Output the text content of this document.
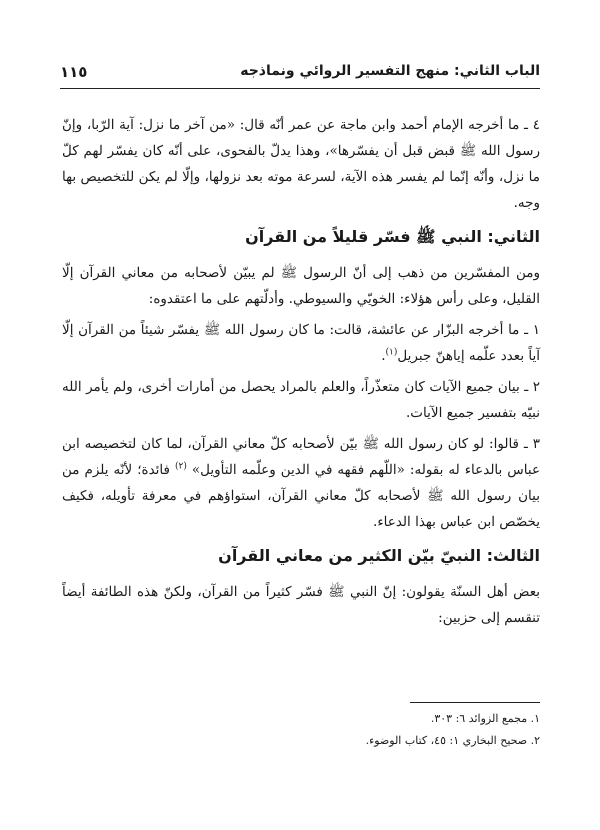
الباب الثاني: منهج التفسير الروائي ونماذجه
١١٥

٤ ـ ما أخرجه الإمام أحمد وابن ماجة عن عمر أنّه قال: «من آخر ما نزل: آية الرّبا، وإنّ رسول الله ﷺ قبض قبل أن يفسّرها»، وهذا يدلّ بالفحوى، على أنّه كان يفسّر لهم كلّ ما نزل، وأنّه إنّما لم يفسر هذه الآية، لسرعة موته بعد نزولها، وإلّا لم يكن للتخصيص بها وجه.

الثاني: النبي ﷺ فسّر قليلاً من القرآن

ومن المفسّرين من ذهب إلى أنّ الرسول ﷺ لم يبيّن لأصحابه من معاني القرآن إلّا القليل، وعلى رأس هؤلاء: الخويّي والسيوطي. وأدلّتهم على ما اعتقدوه:

١ ـ ما أخرجه البزّار عن عائشة، قالت: ما كان رسول الله ﷺ يفسّر شيئاً من القرآن إلّا آياً بعدد علّمه إياهنّ جبريل$^{(١)}$.

٢ ـ بيان جميع الآيات كان متعذّراً، والعلم بالمراد يحصل من أمارات أخرى، ولم يأمر الله نبيّه بتفسير جميع الآيات.

٣ ـ قالوا: لو كان رسول الله ﷺ بيّن لأصحابه كلّ معاني القرآن، لما كان لتخصيصه ابن عباس بالدعاء له بقوله: «اللّهم فقهه في الدين وعلّمه التأويل» $^{(٢)}$ فائدة؛ لأنّه يلزم من بيان رسول الله ﷺ لأصحابه كلّ معاني القرآن، استواؤهم في معرفة تأويله، فكيف يخصّص ابن عباس بهذا الدعاء.

الثالث: النبيّ بيّن الكثير من معاني القرآن

بعض أهل السنّة يقولون: إنّ النبي ﷺ فسّر كثيراً من القرآن، ولكنّ هذه الطائفة أيضاً تنقسم إلى حزبين:

١. مجمع الزوائد ٦: ٣٠٣.
٢. صحيح البخاري ١: ٤٥، كتاب الوضوء.
